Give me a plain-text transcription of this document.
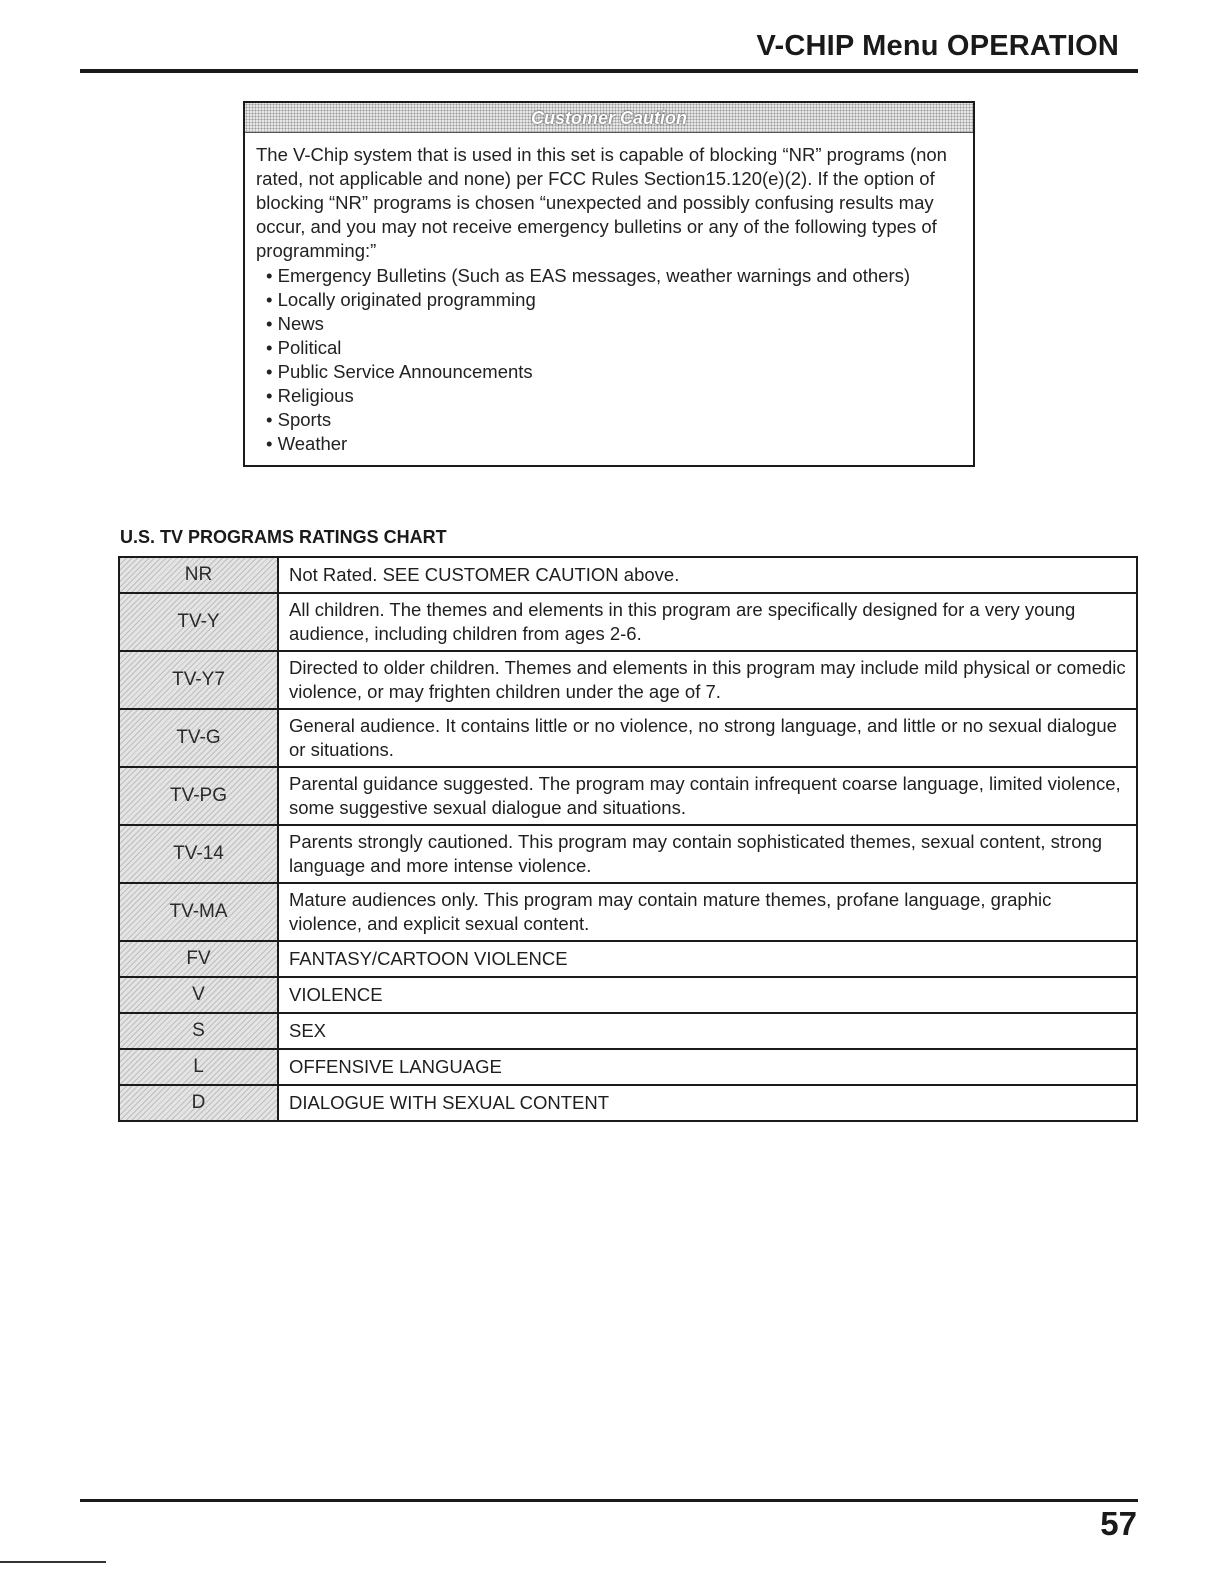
V-CHIP Menu OPERATION
Customer Caution

The V-Chip system that is used in this set is capable of blocking “NR” programs (non rated, not applicable and none) per FCC Rules Section15.120(e)(2). If the option of blocking “NR” programs is chosen “unexpected and possibly confusing results may occur, and you may not receive emergency bulletins or any of the following types of programming:”

• Emergency Bulletins (Such as EAS messages, weather warnings and others)
• Locally originated programming
• News
• Political
• Public Service Announcements
• Religious
• Sports
• Weather
U.S. TV PROGRAMS RATINGS CHART
NR	Not Rated. SEE CUSTOMER CAUTION above.
TV-Y	All children. The themes and elements in this program are specifically designed for a very young audience, including children from ages 2-6.
TV-Y7	Directed to older children. Themes and elements in this program may include mild physical or comedic violence, or may frighten children under the age of 7.
TV-G	General audience. It contains little or no violence, no strong language, and little or no sexual dialogue or situations.
TV-PG	Parental guidance suggested. The program may contain infrequent coarse language, limited violence, some suggestive sexual dialogue and situations.
TV-14	Parents strongly cautioned. This program may contain sophisticated themes, sexual content, strong language and more intense violence.
TV-MA	Mature audiences only. This program may contain mature themes, profane language, graphic violence, and explicit sexual content.
FV	FANTASY/CARTOON VIOLENCE
V	VIOLENCE
S	SEX
L	OFFENSIVE LANGUAGE
D	DIALOGUE WITH SEXUAL CONTENT
57
